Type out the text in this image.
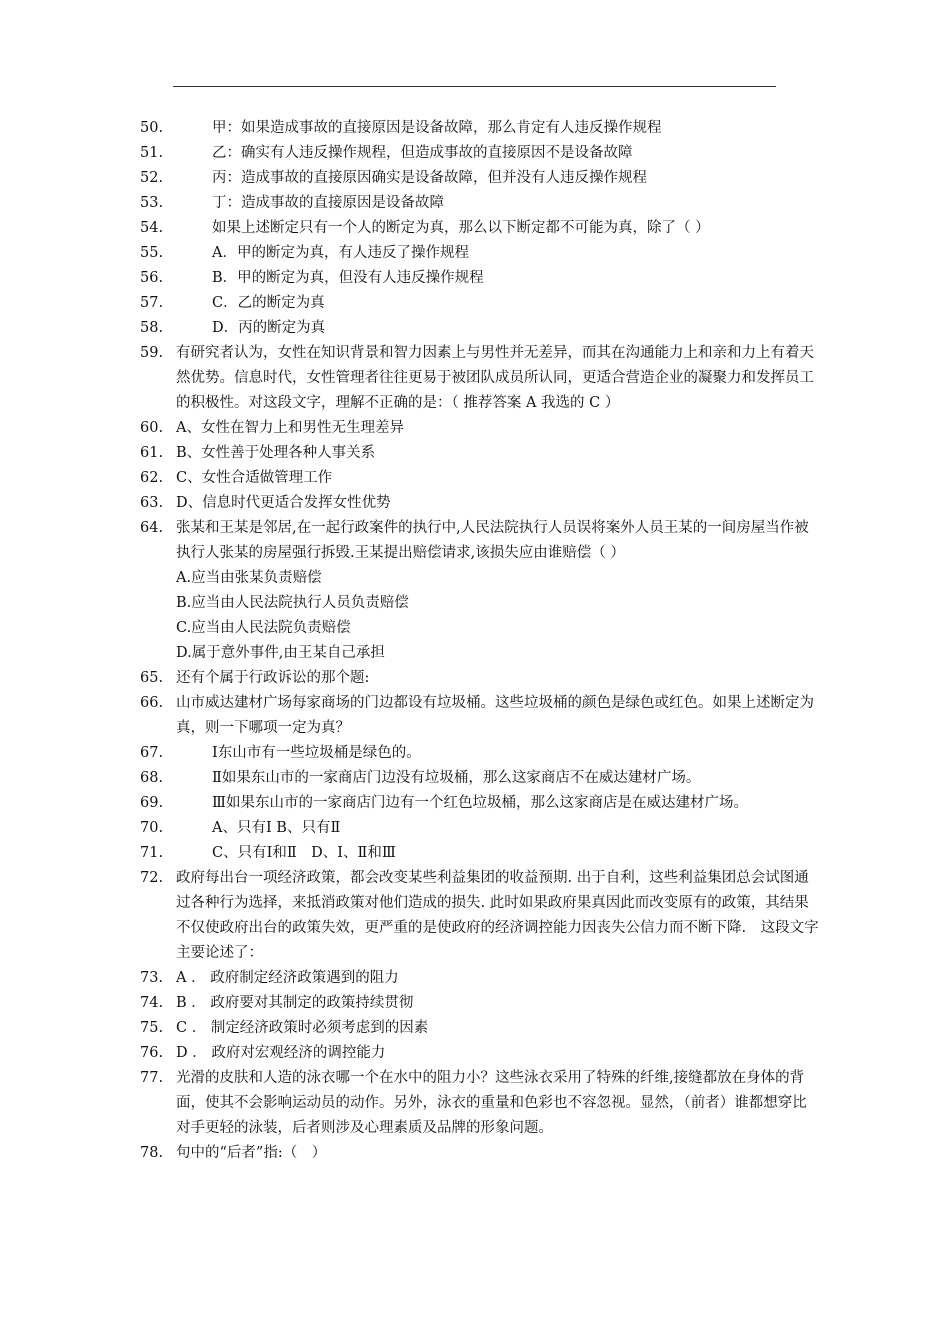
50.	甲：如果造成事故的直接原因是设备故障，那么肯定有人违反操作规程
51.	乙：确实有人违反操作规程，但造成事故的直接原因不是设备故障
52.	丙：造成事故的直接原因确实是设备故障，但并没有人违反操作规程
53.	丁：造成事故的直接原因是设备故障
54.	如果上述断定只有一个人的断定为真，那么以下断定都不可能为真，除了（ ）
55.	A．甲的断定为真，有人违反了操作规程
56.	B．甲的断定为真，但没有人违反操作规程
57.	C．乙的断定为真
58.	D．丙的断定为真
59. 有研究者认为，女性在知识背景和智力因素上与男性并无差异，而其在沟通能力上和亲和力上有着天然优势。信息时代，女性管理者往往更易于被团队成员所认同，更适合营造企业的凝聚力和发挥员工的积极性。对这段文字，理解不正确的是：（ 推荐答案 A 我选的 C ）
60. A、女性在智力上和男性无生理差异
61. B、女性善于处理各种人事关系
62. C、女性合适做管理工作
63. D、信息时代更适合发挥女性优势
64. 张某和王某是邻居,在一起行政案件的执行中,人民法院执行人员误将案外人员王某的一间房屋当作被执行人张某的房屋强行拆毁.王某提出赔偿请求,该损失应由谁赔偿（ ）
A.应当由张某负责赔偿
B.应当由人民法院执行人员负责赔偿
C.应当由人民法院负责赔偿
D.属于意外事件,由王某自己承担
65. 还有个属于行政诉讼的那个题:
66. 山市威达建材广场每家商场的门边都设有垃圾桶。这些垃圾桶的颜色是绿色或红色。如果上述断定为真，则一下哪项一定为真？
67.	Ⅰ东山市有一些垃圾桶是绿色的。
68.	Ⅱ如果东山市的一家商店门边没有垃圾桶，那么这家商店不在威达建材广场。
69.	Ⅲ如果东山市的一家商店门边有一个红色垃圾桶，那么这家商店是在威达建材广场。
70.	A、只有Ⅰ B、只有Ⅱ
71.	C、只有Ⅰ和Ⅱ　D、Ⅰ、Ⅱ和Ⅲ
72. 政府每出台一项经济政策，都会改变某些利益集团的收益预期. 出于自利，这些利益集团总会试图通过各种行为选择，来抵消政策对他们造成的损失. 此时如果政府果真因此而改变原有的政策，其结果不仅使政府出台的政策失效，更严重的是使政府的经济调控能力因丧失公信力而不断下降.　这段文字主要论述了：
73. A ． 政府制定经济政策遇到的阻力
74. B ． 政府要对其制定的政策持续贯彻
75. C ． 制定经济政策时必须考虑到的因素
76. D ． 政府对宏观经济的调控能力
77. 光滑的皮肤和人造的泳衣哪一个在水中的阻力小？这些泳衣采用了特殊的纤维,接缝都放在身体的背面，使其不会影响运动员的动作。另外，泳衣的重量和色彩也不容忽视。显然，（前者）谁都想穿比对手更轻的泳装，后者则涉及心理素质及品牌的形象问题。
78. 句中的“后者”指:（　）
